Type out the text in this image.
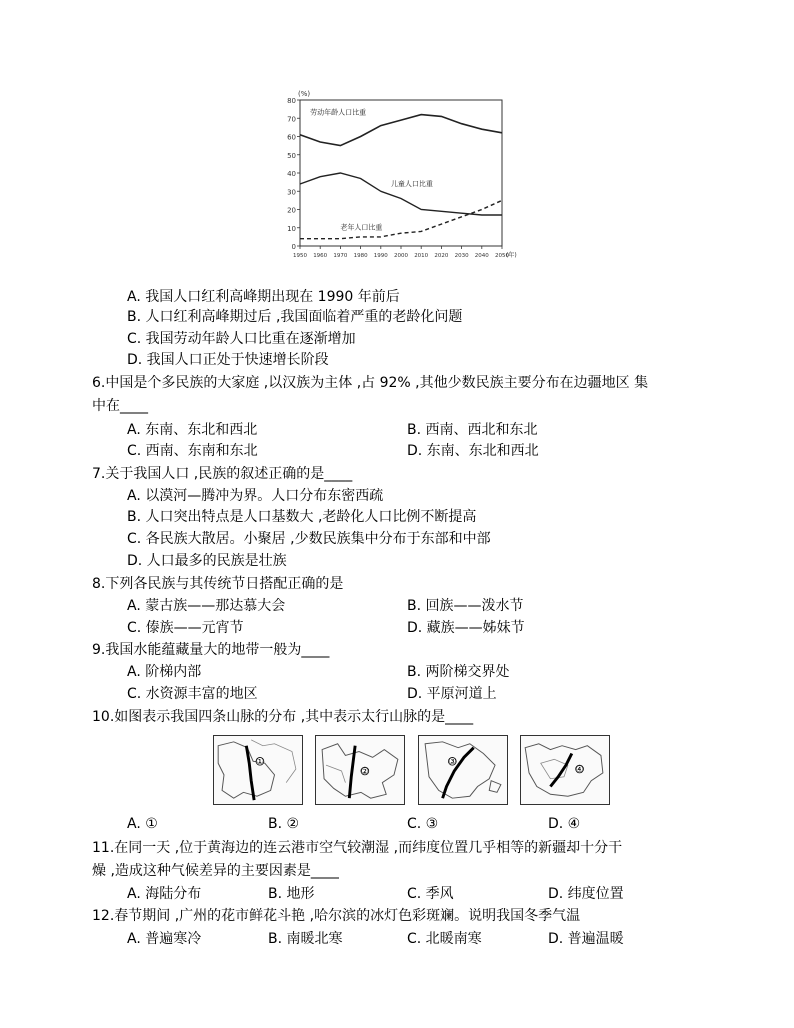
80
70
60
50
40
30
20
10
0
1950 1960 1970 1980 1990 2000 2010 2020 2030 2040 2050
(%)
(年)
劳动年龄人口比重
儿童人口比重
老年人口比重
A. 我国人口红利高峰期出现在 1990 年前后
B. 人口红利高峰期过后 ,我国面临着严重的老龄化问题
C. 我国劳动年龄人口比重在逐渐增加
D. 我国人口正处于快速增长阶段
6.中国是个多民族的大家庭 ,以汉族为主体 ,占 92% ,其他少数民族主要分布在边疆地区 集
中在____
A. 东南、东北和西北	B. 西南、西北和东北
C. 西南、东南和东北	D. 东南、东北和西北
7.关于我国人口 ,民族的叙述正确的是____
A. 以漠河—腾冲为界。人口分布东密西疏
B. 人口突出特点是人口基数大 ,老龄化人口比例不断提高
C. 各民族大散居。小聚居 ,少数民族集中分布于东部和中部
D. 人口最多的民族是壮族
8.下列各民族与其传统节日搭配正确的是
A. 蒙古族——那达慕大会	B. 回族——泼水节
C. 傣族——元宵节	D. 藏族——姊妹节
9.我国水能蕴藏量大的地带一般为____
A. 阶梯内部	B. 两阶梯交界处
C. 水资源丰富的地区	D. 平原河道上
10.如图表示我国四条山脉的分布 ,其中表示太行山脉的是____
①
②
③
④
A. ①	B. ②	C. ③	D. ④
11.在同一天 ,位于黄海边的连云港市空气较潮湿 ,而纬度位置几乎相等的新疆却十分干
燥 ,造成这种气候差异的主要因素是____
A. 海陆分布	B. 地形	C. 季风	D. 纬度位置
12.春节期间 ,广州的花市鲜花斗艳 ,哈尔滨的冰灯色彩斑斓。说明我国冬季气温
A. 普遍寒冷	B. 南暖北寒	C. 北暖南寒	D. 普遍温暖
